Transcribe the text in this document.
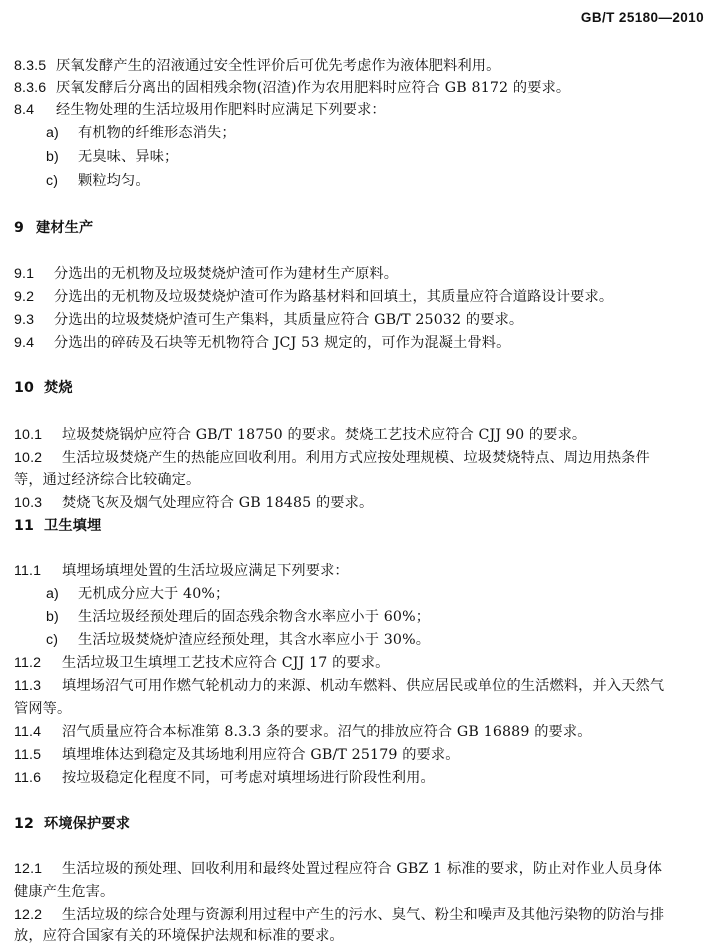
GB/T 25180—2010
8.3.5 厌氧发酵产生的沼液通过安全性评价后可优先考虑作为液体肥料利用。
8.3.6 厌氧发酵后分离出的固相残余物(沼渣)作为农用肥料时应符合 GB 8172 的要求。
8.4 经生物处理的生活垃圾用作肥料时应满足下列要求：
a) 有机物的纤维形态消失；
b) 无臭味、异味；
c) 颗粒均匀。
9 建材生产
9.1 分选出的无机物及垃圾焚烧炉渣可作为建材生产原料。
9.2 分选出的无机物及垃圾焚烧炉渣可作为路基材料和回填土，其质量应符合道路设计要求。
9.3 分选出的垃圾焚烧炉渣可生产集料，其质量应符合 GB/T 25032 的要求。
9.4 分选出的碎砖及石块等无机物符合 JCJ 53 规定的，可作为混凝土骨料。
10 焚烧
10.1 垃圾焚烧锅炉应符合 GB/T 18750 的要求。焚烧工艺技术应符合 CJJ 90 的要求。
10.2 生活垃圾焚烧产生的热能应回收利用。利用方式应按处理规模、垃圾焚烧特点、周边用热条件
等，通过经济综合比较确定。
10.3 焚烧飞灰及烟气处理应符合 GB 18485 的要求。
11 卫生填埋
11.1 填埋场填埋处置的生活垃圾应满足下列要求：
a) 无机成分应大于 40%；
b) 生活垃圾经预处理后的固态残余物含水率应小于 60%；
c) 生活垃圾焚烧炉渣应经预处理，其含水率应小于 30%。
11.2 生活垃圾卫生填埋工艺技术应符合 CJJ 17 的要求。
11.3 填埋场沼气可用作燃气轮机动力的来源、机动车燃料、供应居民或单位的生活燃料，并入天然气
管网等。
11.4 沼气质量应符合本标准第 8.3.3 条的要求。沼气的排放应符合 GB 16889 的要求。
11.5 填埋堆体达到稳定及其场地利用应符合 GB/T 25179 的要求。
11.6 按垃圾稳定化程度不同，可考虑对填埋场进行阶段性利用。
12 环境保护要求
12.1 生活垃圾的预处理、回收利用和最终处置过程应符合 GBZ 1 标准的要求，防止对作业人员身体
健康产生危害。
12.2 生活垃圾的综合处理与资源利用过程中产生的污水、臭气、粉尘和噪声及其他污染物的防治与排
放，应符合国家有关的环境保护法规和标准的要求。
